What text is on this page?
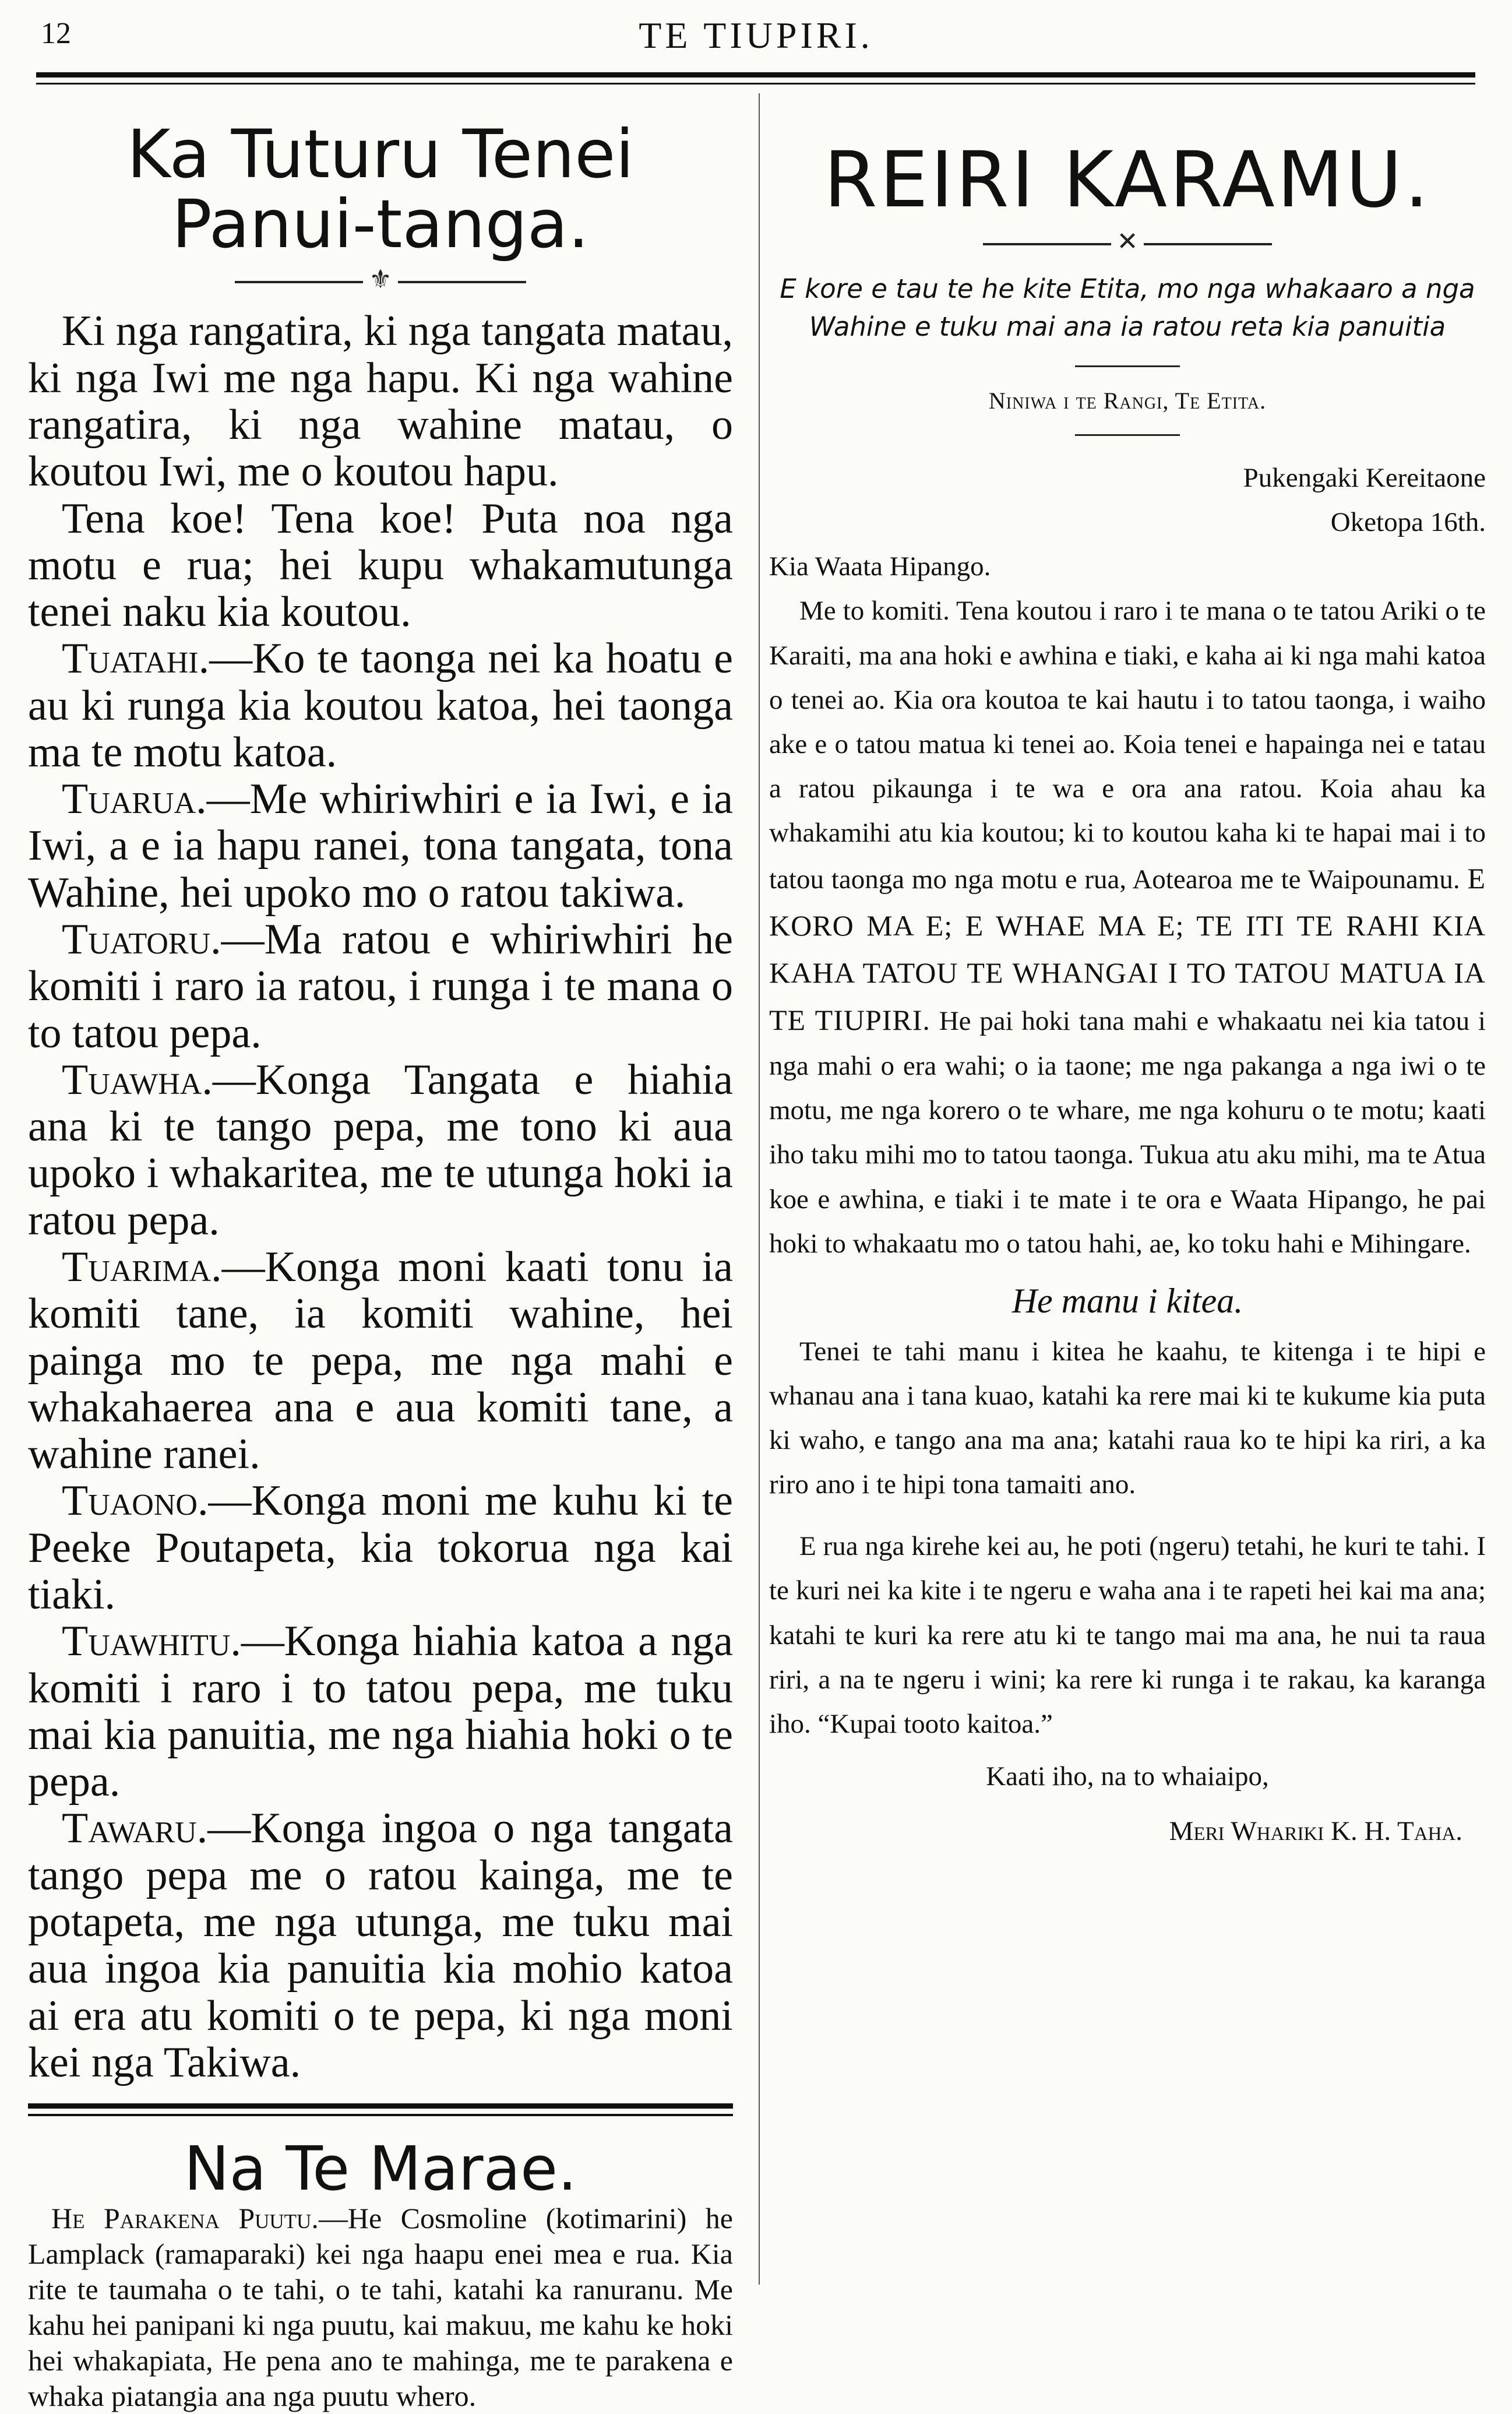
12	TE TIUPIRI.
Ka Tuturu Tenei Panui-tanga.
⚜

Ki nga rangatira, ki nga tangata matau, ki nga Iwi me nga hapu. Ki nga wahine rangatira, ki nga wahine matau, o koutou Iwi, me o koutou hapu.

Tena koe! Tena koe! Puta noa nga motu e rua; hei kupu whakamutunga tenei naku kia koutou.

Tuatahi.—Ko te taonga nei ka hoatu e au ki runga kia koutou katoa, hei taonga ma te motu katoa.

Tuarua.—Me whiriwhiri e ia Iwi, e ia Iwi, a e ia hapu ranei, tona tangata, tona Wahine, hei upoko mo o ratou takiwa.

Tuatoru.—Ma ratou e whiriwhiri he komiti i raro ia ratou, i runga i te mana o to tatou pepa.

Tuawha.—Konga Tangata e hiahia ana ki te tango pepa, me tono ki aua upoko i whakaritea, me te utunga hoki ia ratou pepa.

Tuarima.—Konga moni kaati tonu ia komiti tane, ia komiti wahine, hei painga mo te pepa, me nga mahi e whakahaerea ana e aua komiti tane, a wahine ranei.

Tuaono.—Konga moni me kuhu ki te Peeke Poutapeta, kia tokorua nga kai tiaki.

Tuawhitu.—Konga hiahia katoa a nga komiti i raro i to tatou pepa, me tuku mai kia panuitia, me nga hiahia hoki o te pepa.

Tawaru.—Konga ingoa o nga tangata tango pepa me o ratou kainga, me te potapeta, me nga utunga, me tuku mai aua ingoa kia panuitia kia mohio katoa ai era atu komiti o te pepa, ki nga moni kei nga Takiwa.

Na Te Marae.

He Parakena Puutu.—He Cosmoline (kotimarini) he Lamplack (ramaparaki) kei nga haapu enei mea e rua. Kia rite te taumaha o te tahi, o te tahi, katahi ka ranuranu. Me kahu hei panipani ki nga puutu, kai makuu, me kahu ke hoki hei whakapiata, He pena ano te mahinga, me te parakena e whaka piatangia ana nga puutu whero.

REIRI KARAMU.
✕

E kore e tau te he kite Etita, mo nga whakaaro a nga Wahine e tuku mai ana ia ratou reta kia panuitia

Niniwa i te Rangi, Te Etita.

Pukengaki Kereitaone

Oketopa 16th.

Kia Waata Hipango.

Me to komiti. Tena koutou i raro i te mana o te tatou Ariki o te Karaiti, ma ana hoki e awhina e tiaki, e kaha ai ki nga mahi katoa o tenei ao. Kia ora koutoa te kai hautu i to tatou taonga, i waiho ake e o tatou matua ki tenei ao. Koia tenei e hapainga nei e tatau a ratou pikaunga i te wa e ora ana ratou. Koia ahau ka whakamihi atu kia koutou; ki to koutou kaha ki te hapai mai i to tatou taonga mo nga motu e rua, Aotearoa me te Waipounamu. E KORO MA E; E WHAE MA E; TE ITI TE RAHI KIA KAHA TATOU TE WHANGAI I TO TATOU MATUA IA TE TIUPIRI. He pai hoki tana mahi e whakaatu nei kia tatou i nga mahi o era wahi; o ia taone; me nga pakanga a nga iwi o te motu, me nga korero o te whare, me nga kohuru o te motu; kaati iho taku mihi mo to tatou taonga. Tukua atu aku mihi, ma te Atua koe e awhina, e tiaki i te mate i te ora e Waata Hipango, he pai hoki to whakaatu mo o tatou hahi, ae, ko toku hahi e Mihingare.

He manu i kitea.

Tenei te tahi manu i kitea he kaahu, te kitenga i te hipi e whanau ana i tana kuao, katahi ka rere mai ki te kukume kia puta ki waho, e tango ana ma ana; katahi raua ko te hipi ka riri, a ka riro ano i te hipi tona tamaiti ano.

E rua nga kirehe kei au, he poti (ngeru) tetahi, he kuri te tahi. I te kuri nei ka kite i te ngeru e waha ana i te rapeti hei kai ma ana; katahi te kuri ka rere atu ki te tango mai ma ana, he nui ta raua riri, a na te ngeru i wini; ka rere ki runga i te rakau, ka karanga iho. “Kupai tooto kaitoa.”

Kaati iho, na to whaiaipo,

Meri Whariki K. H. Taha.
